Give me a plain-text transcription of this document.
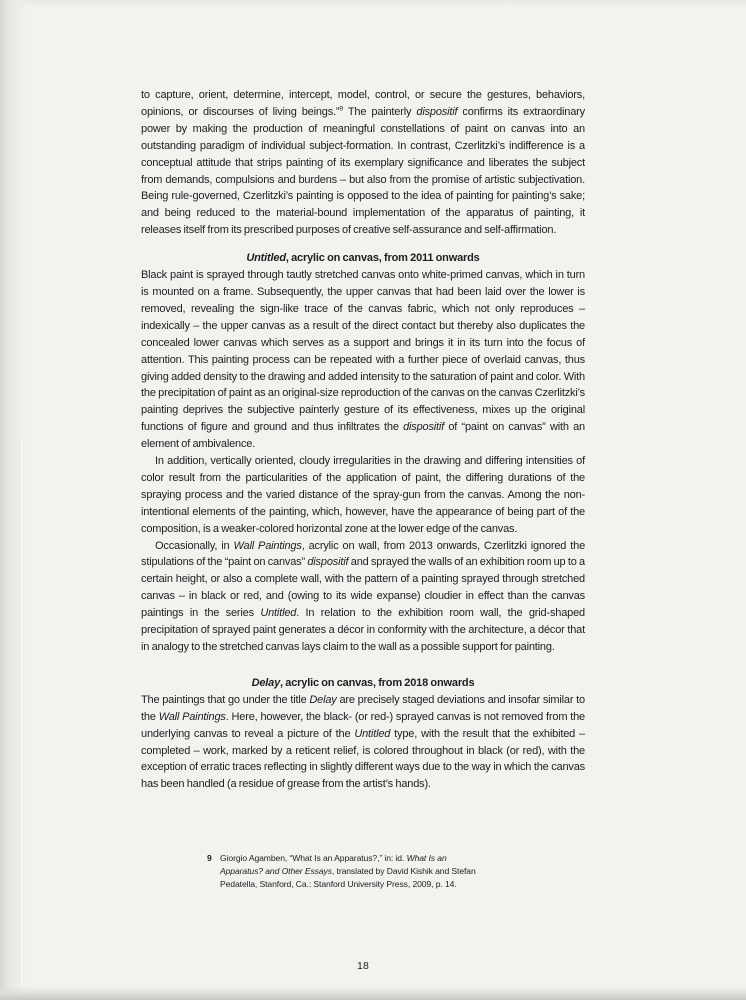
to capture, orient, determine, intercept, model, control, or secure the gestures, behaviors, opinions, or discourses of living beings.”$^9$ The painterly dispositif confirms its extraordinary power by making the production of meaningful constellations of paint on canvas into an outstanding paradigm of individual subject-formation. In contrast, Czerlitzki’s indifference is a conceptual attitude that strips painting of its exemplary significance and liberates the subject from demands, compulsions and burdens – but also from the promise of artistic subjectivation. Being rule-governed, Czerlitzki’s painting is opposed to the idea of painting for painting’s sake; and being reduced to the material-bound implementation of the apparatus of painting, it releases itself from its prescribed purposes of creative self-assurance and self-affirmation.

Untitled, acrylic on canvas, from 2011 onwards

Black paint is sprayed through tautly stretched canvas onto white-primed canvas, which in turn is mounted on a frame. Subsequently, the upper canvas that had been laid over the lower is removed, revealing the sign-like trace of the canvas fabric, which not only reproduces – indexically – the upper canvas as a result of the direct contact but thereby also duplicates the concealed lower canvas which serves as a support and brings it in its turn into the focus of attention. This painting process can be repeated with a further piece of overlaid canvas, thus giving added density to the drawing and added intensity to the saturation of paint and color. With the precipitation of paint as an original-size reproduction of the canvas on the canvas Czerlitzki’s painting deprives the subjective painterly gesture of its effectiveness, mixes up the original functions of figure and ground and thus infiltrates the dispositif of “paint on canvas” with an element of ambivalence.

In addition, vertically oriented, cloudy irregularities in the drawing and differing intensities of color result from the particularities of the application of paint, the differing durations of the spraying process and the varied distance of the spray-gun from the canvas. Among the non-intentional elements of the painting, which, however, have the appearance of being part of the composition, is a weaker-colored horizontal zone at the lower edge of the canvas.

Occasionally, in Wall Paintings, acrylic on wall, from 2013 onwards, Czerlitzki ignored the stipulations of the “paint on canvas” dispositif and sprayed the walls of an exhibition room up to a certain height, or also a complete wall, with the pattern of a painting sprayed through stretched canvas – in black or red, and (owing to its wide expanse) cloudier in effect than the canvas paintings in the series Untitled. In relation to the exhibition room wall, the grid-shaped precipitation of sprayed paint generates a décor in conformity with the architecture, a décor that in analogy to the stretched canvas lays claim to the wall as a possible support for painting.

Delay, acrylic on canvas, from 2018 onwards

The paintings that go under the title Delay are precisely staged deviations and insofar similar to the Wall Paintings. Here, however, the black- (or red-) sprayed canvas is not removed from the underlying canvas to reveal a picture of the Untitled type, with the result that the exhibited – completed – work, marked by a reticent relief, is colored throughout in black (or red), with the exception of erratic traces reflecting in slightly different ways due to the way in which the canvas has been handled (a residue of grease from the artist’s hands).

9 Giorgio Agamben, “What Is an Apparatus?,” in: id. What Is an Apparatus? and Other Essays, translated by David Kishik and Stefan Pedatella, Stanford, Ca.: Stanford University Press, 2009, p. 14.
18
